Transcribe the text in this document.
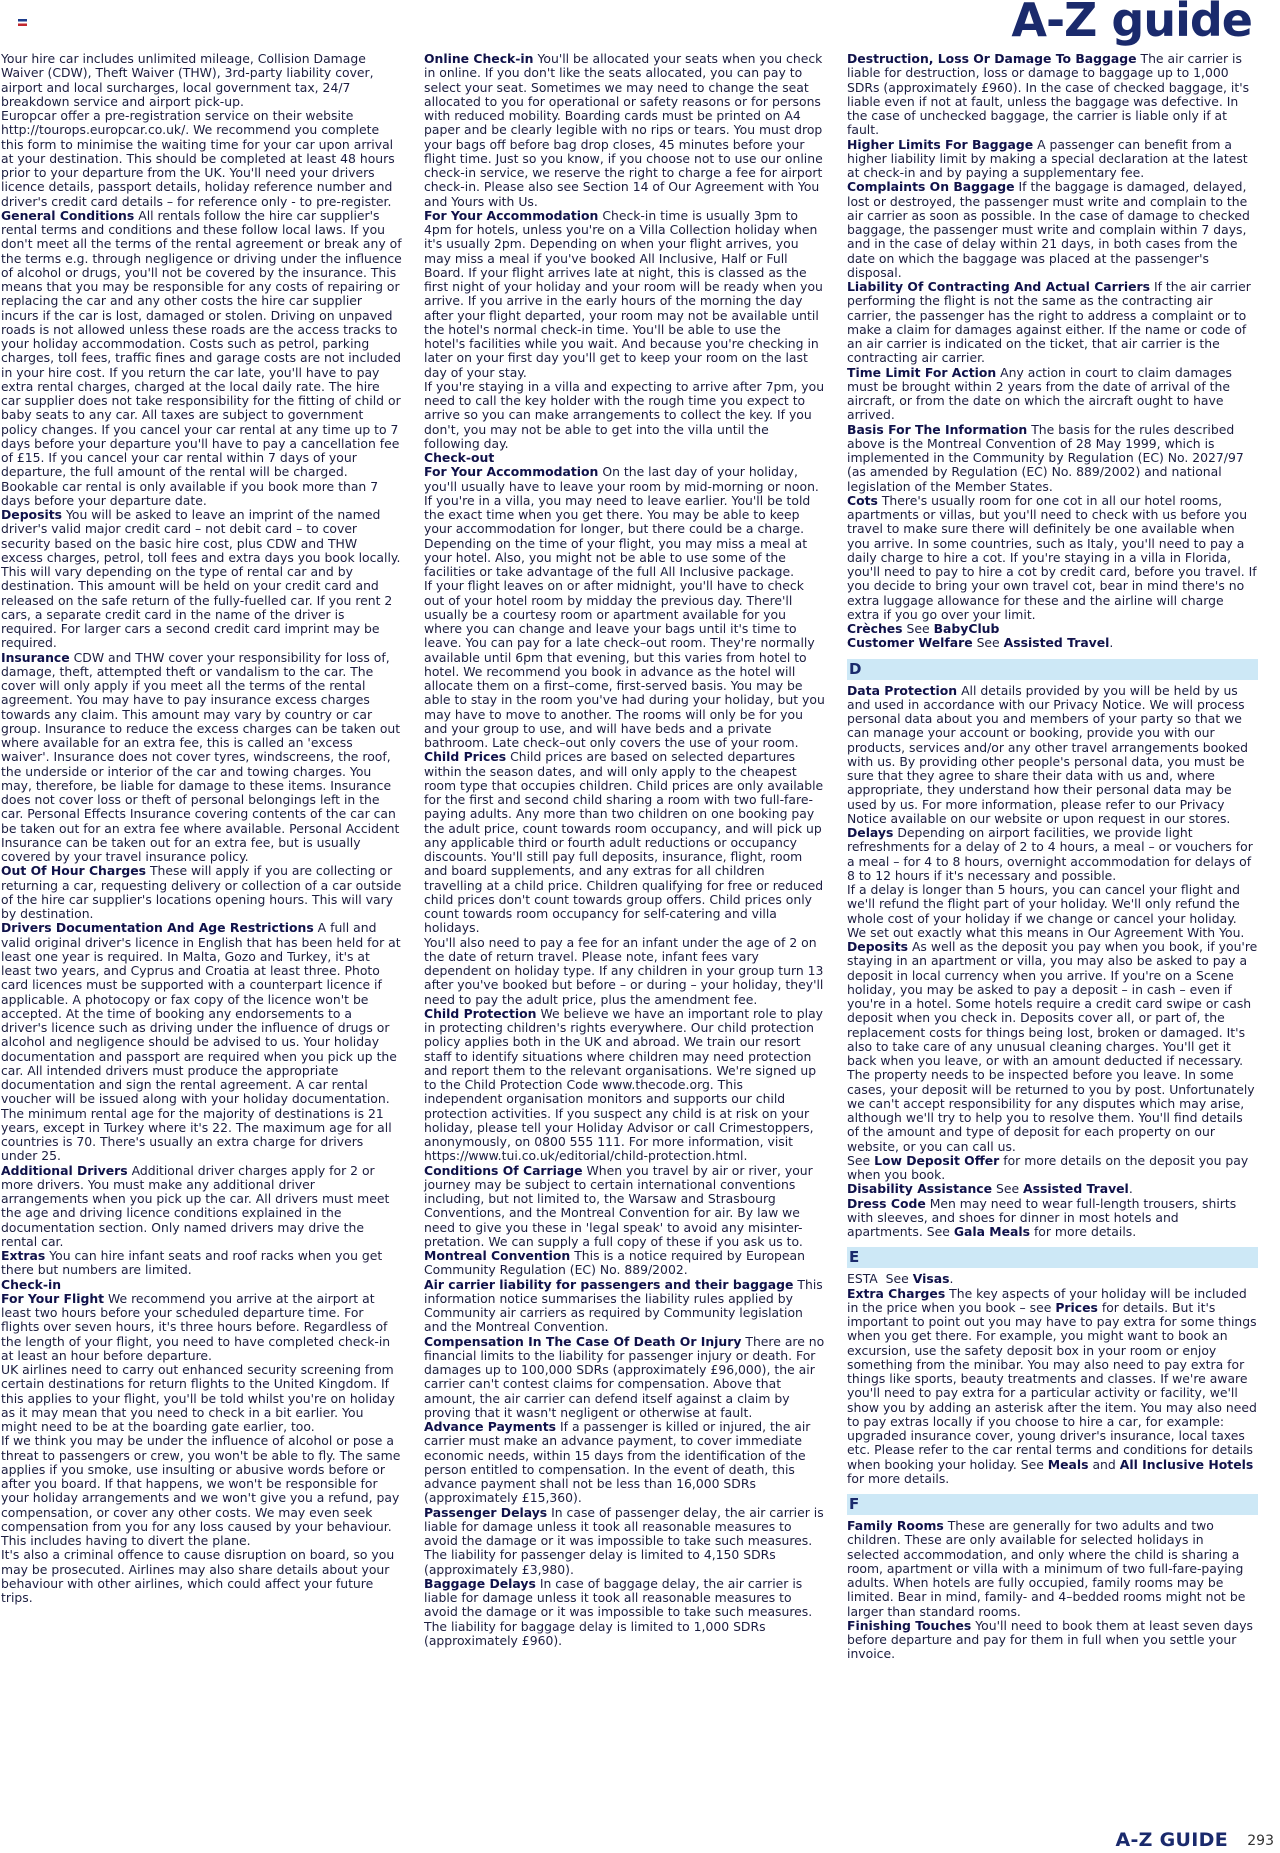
A-Z guide

Your hire car includes unlimited mileage, Collision Damage Waiver (CDW), Theft Waiver (THW), 3rd-party liability cover, airport and local surcharges, local government tax, 24/7 breakdown service and airport pick-up.

Europcar offer a pre-registration service on their website http://tourops.europcar.co.uk/. We recommend you complete this form to minimise the waiting time for your car upon arrival at your destination. This should be completed at least 48 hours prior to your departure from the UK. You'll need your drivers licence details, passport details, holiday reference number and driver's credit card details – for reference only - to pre-register.

General Conditions All rentals follow the hire car supplier's rental terms and conditions and these follow local laws. If you don't meet all the terms of the rental agreement or break any of the terms e.g. through negligence or driving under the influence of alcohol or drugs, you'll not be covered by the insurance. This means that you may be responsible for any costs of repairing or replacing the car and any other costs the hire car supplier incurs if the car is lost, damaged or stolen. Driving on unpaved roads is not allowed unless these roads are the access tracks to your holiday accommodation. Costs such as petrol, parking charges, toll fees, traffic fines and garage costs are not included in your hire cost. If you return the car late, you'll have to pay extra rental charges, charged at the local daily rate. The hire car supplier does not take responsibility for the fitting of child or baby seats to any car. All taxes are subject to government policy changes. If you cancel your car rental at any time up to 7 days before your departure you'll have to pay a cancellation fee of £15. If you cancel your car rental within 7 days of your departure, the full amount of the rental will be charged. Bookable car rental is only available if you book more than 7 days before your departure date.

Deposits You will be asked to leave an imprint of the named driver's valid major credit card – not debit card – to cover security based on the basic hire cost, plus CDW and THW excess charges, petrol, toll fees and extra days you book locally. This will vary depending on the type of rental car and by destination. This amount will be held on your credit card and released on the safe return of the fully-fuelled car. If you rent 2 cars, a separate credit card in the name of the driver is required. For larger cars a second credit card imprint may be required.

Insurance CDW and THW cover your responsibility for loss of, damage, theft, attempted theft or vandalism to the car. The cover will only apply if you meet all the terms of the rental agreement. You may have to pay insurance excess charges towards any claim. This amount may vary by country or car group. Insurance to reduce the excess charges can be taken out where available for an extra fee, this is called an 'excess waiver'. Insurance does not cover tyres, windscreens, the roof, the underside or interior of the car and towing charges. You may, therefore, be liable for damage to these items. Insurance does not cover loss or theft of personal belongings left in the car. Personal Effects Insurance covering contents of the car can be taken out for an extra fee where available. Personal Accident Insurance can be taken out for an extra fee, but is usually covered by your travel insurance policy.

Out Of Hour Charges These will apply if you are collecting or returning a car, requesting delivery or collection of a car outside of the hire car supplier's locations opening hours. This will vary by destination.

Drivers Documentation And Age Restrictions A full and valid original driver's licence in English that has been held for at least one year is required. In Malta, Gozo and Turkey, it's at least two years, and Cyprus and Croatia at least three. Photo card licences must be supported with a counterpart licence if applicable. A photocopy or fax copy of the licence won't be accepted. At the time of booking any endorsements to a driver's licence such as driving under the influence of drugs or alcohol and negligence should be advised to us. Your holiday documentation and passport are required when you pick up the car. All intended drivers must produce the appropriate documentation and sign the rental agreement. A car rental voucher will be issued along with your holiday documentation. The minimum rental age for the majority of destinations is 21 years, except in Turkey where it's 22. The maximum age for all countries is 70. There's usually an extra charge for drivers under 25.

Additional Drivers Additional driver charges apply for 2 or more drivers. You must make any additional driver arrangements when you pick up the car. All drivers must meet the age and driving licence conditions explained in the documentation section. Only named drivers may drive the rental car.

Extras You can hire infant seats and roof racks when you get there but numbers are limited.

Check-in

For Your Flight We recommend you arrive at the airport at least two hours before your scheduled departure time. For flights over seven hours, it's three hours before. Regardless of the length of your flight, you need to have completed check-in at least an hour before departure.

UK airlines need to carry out enhanced security screening from certain destinations for return flights to the United Kingdom. If this applies to your flight, you'll be told whilst you're on holiday as it may mean that you need to check in a bit earlier. You might need to be at the boarding gate earlier, too.

If we think you may be under the influence of alcohol or pose a threat to passengers or crew, you won't be able to fly. The same applies if you smoke, use insulting or abusive words before or after you board. If that happens, we won't be responsible for your holiday arrangements and we won't give you a refund, pay compensation, or cover any other costs. We may even seek compensation from you for any loss caused by your behaviour. This includes having to divert the plane.

It's also a criminal offence to cause disruption on board, so you may be prosecuted. Airlines may also share details about your behaviour with other airlines, which could affect your future trips.

Online Check-in You'll be allocated your seats when you check in online. If you don't like the seats allocated, you can pay to select your seat. Sometimes we may need to change the seat allocated to you for operational or safety reasons or for persons with reduced mobility. Boarding cards must be printed on A4 paper and be clearly legible with no rips or tears. You must drop your bags off before bag drop closes, 45 minutes before your flight time. Just so you know, if you choose not to use our online check-in service, we reserve the right to charge a fee for airport check-in. Please also see Section 14 of Our Agreement with You and Yours with Us.

For Your Accommodation Check-in time is usually 3pm to 4pm for hotels, unless you're on a Villa Collection holiday when it's usually 2pm. Depending on when your flight arrives, you may miss a meal if you've booked All Inclusive, Half or Full Board. If your flight arrives late at night, this is classed as the first night of your holiday and your room will be ready when you arrive. If you arrive in the early hours of the morning the day after your flight departed, your room may not be available until the hotel's normal check-in time. You'll be able to use the hotel's facilities while you wait. And because you're checking in later on your first day you'll get to keep your room on the last day of your stay.

If you're staying in a villa and expecting to arrive after 7pm, you need to call the key holder with the rough time you expect to arrive so you can make arrangements to collect the key. If you don't, you may not be able to get into the villa until the following day.

Check-out

For Your Accommodation On the last day of your holiday, you'll usually have to leave your room by mid-morning or noon. If you're in a villa, you may need to leave earlier. You'll be told the exact time when you get there. You may be able to keep your accommodation for longer, but there could be a charge.

Depending on the time of your flight, you may miss a meal at your hotel. Also, you might not be able to use some of the facilities or take advantage of the full All Inclusive package.

If your flight leaves on or after midnight, you'll have to check out of your hotel room by midday the previous day. There'll usually be a courtesy room or apartment available for you where you can change and leave your bags until it's time to leave. You can pay for a late check–out room. They're normally available until 6pm that evening, but this varies from hotel to hotel. We recommend you book in advance as the hotel will allocate them on a first–come, first-served basis. You may be able to stay in the room you've had during your holiday, but you may have to move to another. The rooms will only be for you and your group to use, and will have beds and a private bathroom. Late check–out only covers the use of your room.

Child Prices Child prices are based on selected departures within the season dates, and will only apply to the cheapest room type that occupies children. Child prices are only available for the first and second child sharing a room with two full-fare-paying adults. Any more than two children on one booking pay the adult price, count towards room occupancy, and will pick up any applicable third or fourth adult reductions or occupancy discounts. You'll still pay full deposits, insurance, flight, room and board supplements, and any extras for all children travelling at a child price. Children qualifying for free or reduced child prices don't count towards group offers. Child prices only count towards room occupancy for self-catering and villa holidays.

You'll also need to pay a fee for an infant under the age of 2 on the date of return travel. Please note, infant fees vary dependent on holiday type. If any children in your group turn 13 after you've booked but before – or during – your holiday, they'll need to pay the adult price, plus the amendment fee.

Child Protection We believe we have an important role to play in protecting children's rights everywhere. Our child protection policy applies both in the UK and abroad. We train our resort staff to identify situations where children may need protection and report them to the relevant organisations. We're signed up to the Child Protection Code www.thecode.org. This independent organisation monitors and supports our child protection activities. If you suspect any child is at risk on your holiday, please tell your Holiday Advisor or call Crimestoppers, anonymously, on 0800 555 111. For more information, visit https://www.tui.co.uk/editorial/child-protection.html.

Conditions Of Carriage When you travel by air or river, your journey may be subject to certain international conventions including, but not limited to, the Warsaw and Strasbourg Conventions, and the Montreal Convention for air. By law we need to give you these in 'legal speak' to avoid any misinter-pretation. We can supply a full copy of these if you ask us to.

Montreal Convention This is a notice required by European Community Regulation (EC) No. 889/2002.

Air carrier liability for passengers and their baggage This information notice summarises the liability rules applied by Community air carriers as required by Community legislation and the Montreal Convention.

Compensation In The Case Of Death Or Injury There are no financial limits to the liability for passenger injury or death. For damages up to 100,000 SDRs (approximately £96,000), the air carrier can't contest claims for compensation. Above that amount, the air carrier can defend itself against a claim by proving that it wasn't negligent or otherwise at fault.

Advance Payments If a passenger is killed or injured, the air carrier must make an advance payment, to cover immediate economic needs, within 15 days from the identification of the person entitled to compensation. In the event of death, this advance payment shall not be less than 16,000 SDRs (approximately £15,360).

Passenger Delays In case of passenger delay, the air carrier is liable for damage unless it took all reasonable measures to avoid the damage or it was impossible to take such measures. The liability for passenger delay is limited to 4,150 SDRs (approximately £3,980).

Baggage Delays In case of baggage delay, the air carrier is liable for damage unless it took all reasonable measures to avoid the damage or it was impossible to take such measures. The liability for baggage delay is limited to 1,000 SDRs (approximately £960).

Destruction, Loss Or Damage To Baggage The air carrier is liable for destruction, loss or damage to baggage up to 1,000 SDRs (approximately £960). In the case of checked baggage, it's liable even if not at fault, unless the baggage was defective. In the case of unchecked baggage, the carrier is liable only if at fault.

Higher Limits For Baggage A passenger can benefit from a higher liability limit by making a special declaration at the latest at check-in and by paying a supplementary fee.

Complaints On Baggage If the baggage is damaged, delayed, lost or destroyed, the passenger must write and complain to the air carrier as soon as possible. In the case of damage to checked baggage, the passenger must write and complain within 7 days, and in the case of delay within 21 days, in both cases from the date on which the baggage was placed at the passenger's disposal.

Liability Of Contracting And Actual Carriers If the air carrier performing the flight is not the same as the contracting air carrier, the passenger has the right to address a complaint or to make a claim for damages against either. If the name or code of an air carrier is indicated on the ticket, that air carrier is the contracting air carrier.

Time Limit For Action Any action in court to claim damages must be brought within 2 years from the date of arrival of the aircraft, or from the date on which the aircraft ought to have arrived.

Basis For The Information The basis for the rules described above is the Montreal Convention of 28 May 1999, which is implemented in the Community by Regulation (EC) No. 2027/97 (as amended by Regulation (EC) No. 889/2002) and national legislation of the Member States.

Cots There's usually room for one cot in all our hotel rooms, apartments or villas, but you'll need to check with us before you travel to make sure there will definitely be one available when you arrive. In some countries, such as Italy, you'll need to pay a daily charge to hire a cot. If you're staying in a villa in Florida, you'll need to pay to hire a cot by credit card, before you travel. If you decide to bring your own travel cot, bear in mind there's no extra luggage allowance for these and the airline will charge extra if you go over your limit.

Crèches See BabyClub

Customer Welfare See Assisted Travel.

D

Data Protection All details provided by you will be held by us and used in accordance with our Privacy Notice. We will process personal data about you and members of your party so that we can manage your account or booking, provide you with our products, services and/or any other travel arrangements booked with us. By providing other people's personal data, you must be sure that they agree to share their data with us and, where appropriate, they understand how their personal data may be used by us. For more information, please refer to our Privacy Notice available on our website or upon request in our stores.

Delays Depending on airport facilities, we provide light refreshments for a delay of 2 to 4 hours, a meal – or vouchers for a meal – for 4 to 8 hours, overnight accommodation for delays of 8 to 12 hours if it's necessary and possible.

If a delay is longer than 5 hours, you can cancel your flight and we'll refund the flight part of your holiday. We'll only refund the whole cost of your holiday if we change or cancel your holiday. We set out exactly what this means in Our Agreement With You.

Deposits As well as the deposit you pay when you book, if you're staying in an apartment or villa, you may also be asked to pay a deposit in local currency when you arrive. If you're on a Scene holiday, you may be asked to pay a deposit – in cash – even if you're in a hotel. Some hotels require a credit card swipe or cash deposit when you check in. Deposits cover all, or part of, the replacement costs for things being lost, broken or damaged. It's also to take care of any unusual cleaning charges. You'll get it back when you leave, or with an amount deducted if necessary. The property needs to be inspected before you leave. In some cases, your deposit will be returned to you by post. Unfortunately we can't accept responsibility for any disputes which may arise, although we'll try to help you to resolve them. You'll find details of the amount and type of deposit for each property on our website, or you can call us.

See Low Deposit Offer for more details on the deposit you pay when you book.

Disability Assistance See Assisted Travel.

Dress Code Men may need to wear full-length trousers, shirts with sleeves, and shoes for dinner in most hotels and apartments. See Gala Meals for more details.

E

ESTA See Visas.

Extra Charges The key aspects of your holiday will be included in the price when you book – see Prices for details. But it's important to point out you may have to pay extra for some things when you get there. For example, you might want to book an excursion, use the safety deposit box in your room or enjoy something from the minibar. You may also need to pay extra for things like sports, beauty treatments and classes. If we're aware you'll need to pay extra for a particular activity or facility, we'll show you by adding an asterisk after the item. You may also need to pay extras locally if you choose to hire a car, for example: upgraded insurance cover, young driver's insurance, local taxes etc. Please refer to the car rental terms and conditions for details when booking your holiday. See Meals and All Inclusive Hotels for more details.

F

Family Rooms These are generally for two adults and two children. These are only available for selected holidays in selected accommodation, and only where the child is sharing a room, apartment or villa with a minimum of two full-fare-paying adults. When hotels are fully occupied, family rooms may be limited. Bear in mind, family- and 4–bedded rooms might not be larger than standard rooms.

Finishing Touches You'll need to book them at least seven days before departure and pay for them in full when you settle your invoice.

A-Z GUIDE 293
